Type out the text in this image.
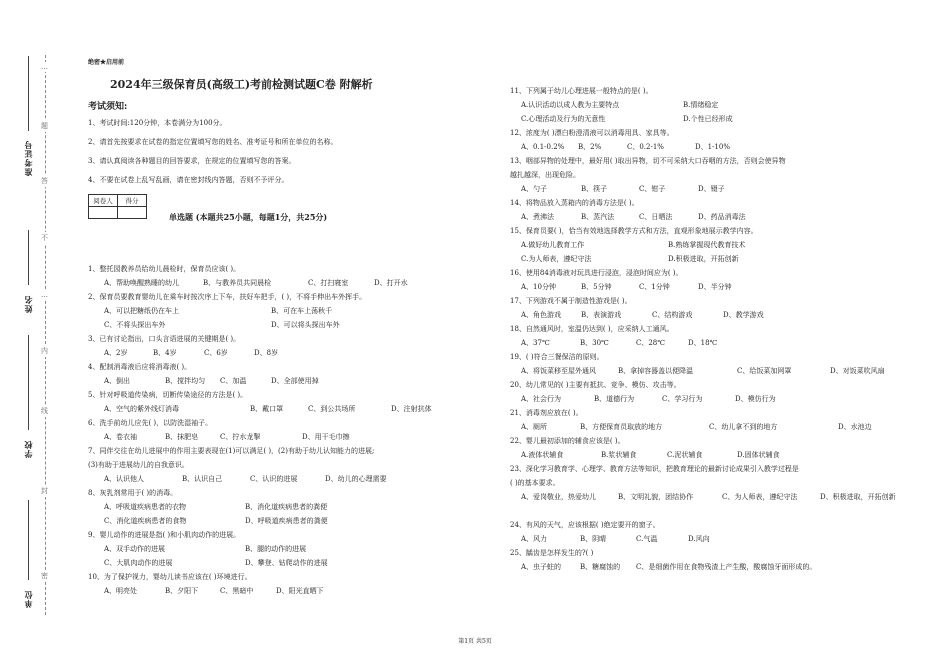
准考证号
姓名
学校
单位
…
题
答
不
…
内
线
封
密
绝密★启用前
2024年三级保育员(高级工)考前检测试题C卷 附解析
考试须知:
1、考试时间:120分钟，本卷满分为100分。
2、请首先按要求在试卷的指定位置填写您的姓名、准考证号和所在单位的名称。
3、请认真阅读各种题目的回答要求，在规定的位置填写您的答案。
4、不要在试卷上乱写乱画，请在密封线内答题，否则不予评分。
阅卷人	得分

单选题 (本题共25小题，每题1分，共25分)
1、整托园教养员给幼儿晨检时，保育员应该( )。
A、帮助唤醒熟睡的幼儿	B、与教养员共同晨检	C、打扫寝室	D、打开水
2、保育员要教育婴幼儿在乘车时按次序上下车，扶好车把手，( )，不将手伸出车外挥手。
A、可以把糖纸仍在车上	B、可在车上荡秋千
C、不将头探出车外	D、可以将头探出车外
3、已有讨论指出，口头言语进展的关键期是( )。
A、2岁	B、4岁	C、6岁	D、8岁
4、配制消毒液后应将消毒液( )。
A、倒出	B、搅拌均匀 C、加温	D、全部使用掉
5、针对呼吸道传染病，切断传染途径的方法是( )。
A、空气的紫外线灯消毒	B、戴口罩	C、到公共场所	D、注射抗体
6、洗手前幼儿应先( )，以防洗湿袖子。
A、卷衣袖	B、抹肥皂	C、拧水龙掣	D、用干毛巾擦
7、同伴交往在幼儿进展中的作用主要表现在(1)可以满足( )，(2)有助于幼儿认知能力的进展;
(3)有助于进展幼儿的自我意识。
A、认识他人	B、认识自己	C、认识的进展	D、幼儿的心理需要
8、灰乳剂常用于( )的消毒。
A、呼吸道疾病患者的衣物	B、消化道疾病患者的粪便
C、消化道疾病患者的食物	D、呼吸道疾病患者的粪便
9、婴儿动作的进展是指( )和小肌肉动作的进展。
A、双手动作的进展	B、腿的动作的进展
C、大肌肉动作的进展	D、攀登、钻爬动作的进展
10、为了保护视力，婴幼儿读书应该在( )环境进行。
A、明亮处	B、夕阳下	C、黑暗中	D、阳光直晒下
11、下列属于幼儿心理进展一般特点的是( )。
A.认识活动以成人教为主要特点	B.情绪稳定
C.心理活动及行为的无意性	D.个性已经形成
12、浓度为( )漂白粉澄清液可以消毒用具、家具等。
A、0.1-0.2% B、2%	C、0.2-1%	D、1-10%
13、咽部异物的处理中，最好用( )取出异物，切不可采纳大口吞咽的方法，否则会使异物
越扎越深，出现危险。
A、勺子	B、筷子	C、钳子	D、镊子
14、将物品放入蒸箱内的消毒方法是( )。
A、煮沸法	B、蒸汽法	C、日晒法	D、药品消毒法
15、保育员要( )，恰当有效地选择教学方式和方法，直观形象地展示教学内容。
A.做好幼儿教育工作	B.熟练掌握现代教育技术
C.为人师表，遵纪守法	D.积极进取，开拓创新
16、使用84消毒液对玩具进行浸泡，浸泡时间应为( )。
A、10分钟	B、5分钟	C、1分钟	D、半分钟
17、下列游戏不属于制造性游戏是( )。
A、角色游戏	B、表演游戏	C、结构游戏	D、教学游戏
18、自然通风时，室温仍达到( )，应采纳人工通风。
A、37℃	B、30℃	C、28℃	D、18℃
19、( )符合三餐保洁的原则。
A、将饭菜移至屋外通风	B、拿掉容器盖以便降温	C、给饭菜加网罩	D、对饭菜吹风扇
20、幼儿常见的( )主要有抵抗、竞争、模仿、攻击等。
A、社会行为	B、道德行为	C、学习行为	D、模仿行为
21、消毒剂应放在( )。
A、厕所	B、方便保育员取放的地方	C、幼儿拿不到的地方	D、水池边
22、婴儿最初添加的辅食应该是( )。
A.液体状辅食	B.浆状辅食	C.泥状辅食	D.固体状辅食
23、深化学习教育学、心理学、教育方法等知识，把教育理论的最新讨论成果引入教学过程是
( )的基本要求。
A、爱岗敬业，热爱幼儿	B、文明礼貌，团结协作	C、为人师表，遵纪守法	D、积极进取，开拓创新
24、有风的天气，应该根据( )绝定要开的窗子。
A、风力	B、阴晴	C.气温	D.风向
25、龋齿是怎样发生的?( )
A、虫子蛀的	B、糖腐蚀的 C、是细菌作用在食物残渣上产生酸，酸腐蚀牙面形成的。
第1页 共5页
